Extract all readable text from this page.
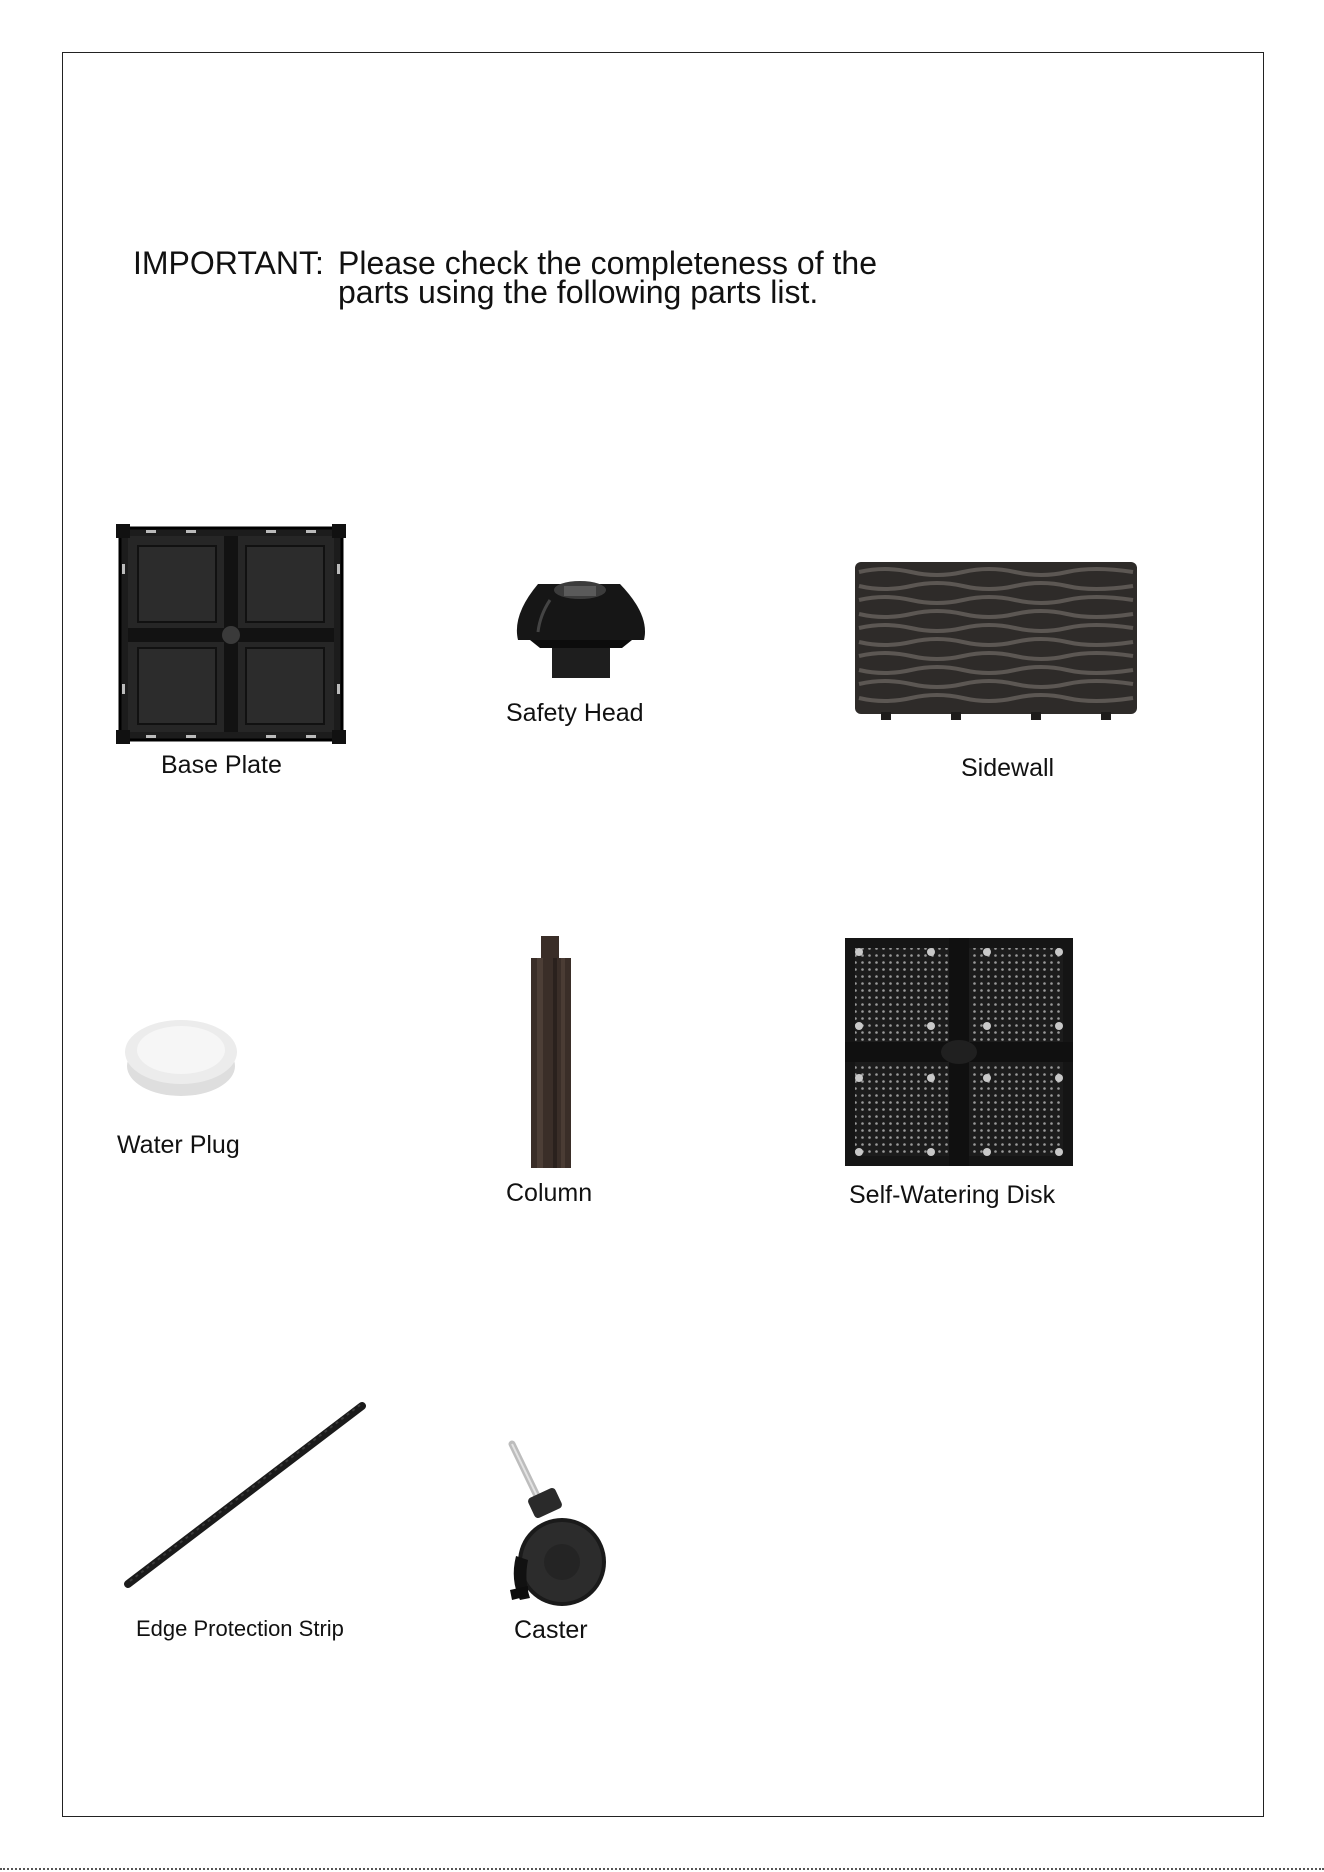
IMPORTANT: Please check the completeness of the
parts using the following parts list.
Base Plate
Safety Head
Sidewall
Water Plug
Column	Self-Watering Disk
Edge Protection Strip	Caster
